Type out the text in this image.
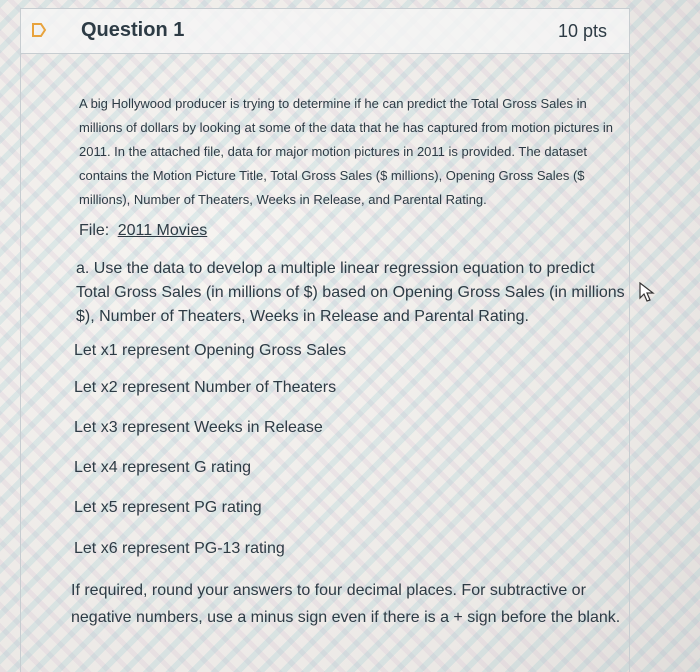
Question 1	10 pts
A big Hollywood producer is trying to determine if he can predict the Total Gross Sales in millions of dollars by looking at some of the data that he has captured from motion pictures in 2011. In the attached file, data for major motion pictures in 2011 is provided. The dataset contains the Motion Picture Title, Total Gross Sales ($ millions), Opening Gross Sales ($ millions), Number of Theaters, Weeks in Release, and Parental Rating.
File: 2011 Movies
a. Use the data to develop a multiple linear regression equation to predict Total Gross Sales (in millions of $) based on Opening Gross Sales (in millions $), Number of Theaters, Weeks in Release and Parental Rating.
Let x1 represent Opening Gross Sales
Let x2 represent Number of Theaters
Let x3 represent Weeks in Release
Let x4 represent G rating
Let x5 represent PG rating
Let x6 represent PG-13 rating
If required, round your answers to four decimal places. For subtractive or negative numbers, use a minus sign even if there is a + sign before the blank.
